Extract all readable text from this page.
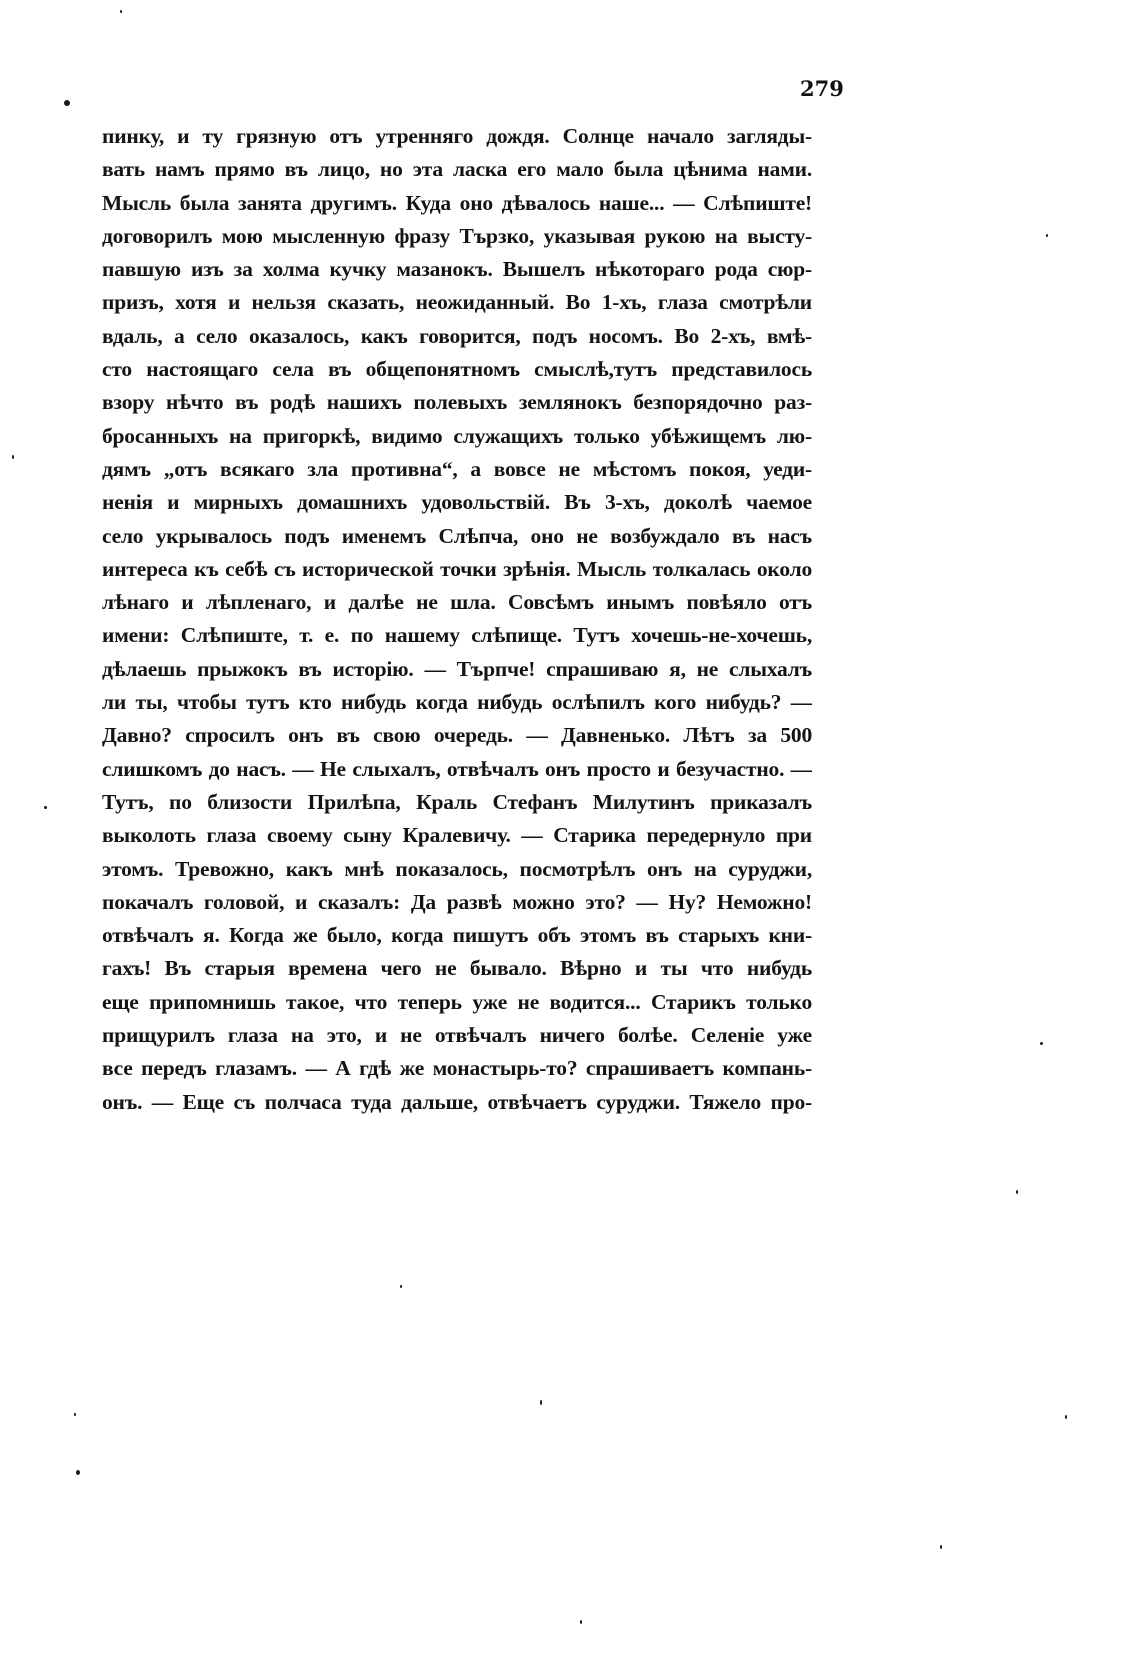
279
пинку, и ту грязную отъ утренняго дождя. Солнце начало загляды-
вать намъ прямо въ лицо, но эта ласка его мало была цѣнима нами.
Мысль была занята другимъ. Куда оно дѣвалось наше... — Слѣпиште!
договорилъ мою мысленную фразу Тързко, указывая рукою на высту-
павшую изъ за холма кучку мазанокъ. Вышелъ нѣкотораго рода сюр-
призъ, хотя и нельзя сказать, неожиданный. Во 1-хъ, глаза смотрѣли
вдаль, а село оказалось, какъ говорится, подъ носомъ. Во 2-хъ, вмѣ-
сто настоящаго села въ общепонятномъ смыслѣ,тутъ представилось
взору нѣчто въ родѣ нашихъ полевыхъ землянокъ безпорядочно раз-
бросанныхъ на пригоркѣ, видимо служащихъ только убѣжищемъ лю-
дямъ „отъ всякаго зла противна“, а вовсе не мѣстомъ покоя, уеди-
ненія и мирныхъ домашнихъ удовольствій. Въ 3-хъ, доколѣ чаемое
село укрывалось подъ именемъ Слѣпча, оно не возбуждало въ насъ
интереса къ себѣ съ исторической точки зрѣнія. Мысль толкалась около
лѣнаго и лѣпленаго, и далѣе не шла. Совсѣмъ инымъ повѣяло отъ
имени: Слѣпиште, т. е. по нашему слѣпище. Тутъ хочешь-не-хочешь,
дѣлаешь прыжокъ въ исторію. — Търпче! спрашиваю я, не слыхалъ
ли ты, чтобы тутъ кто нибудь когда нибудь ослѣпилъ кого нибудь? —
Давно? спросилъ онъ въ свою очередь. — Давненько. Лѣтъ за 500
слишкомъ до насъ. — Не слыхалъ, отвѣчалъ онъ просто и безучастно. —
Тутъ, по близости Прилѣпа, Краль Стефанъ Милутинъ приказалъ
выколоть глаза своему сыну Кралевичу. — Старика передернуло при
этомъ. Тревожно, какъ мнѣ показалось, посмотрѣлъ онъ на суруджи,
покачалъ головой, и сказалъ: Да развѣ можно это? — Ну? Неможно!
отвѣчалъ я. Когда же было, когда пишутъ объ этомъ въ старыхъ кни-
гахъ! Въ старыя времена чего не бывало. Вѣрно и ты что нибудь
еще припомнишь такое, что теперь уже не водится... Старикъ только
прищурилъ глаза на это, и не отвѣчалъ ничего болѣе. Селеніе уже
все передъ глазамъ. — А гдѣ же монастырь-то? спрашиваетъ компань-
онъ. — Еще съ полчаса туда дальше, отвѣчаетъ суруджи. Тяжело про-
